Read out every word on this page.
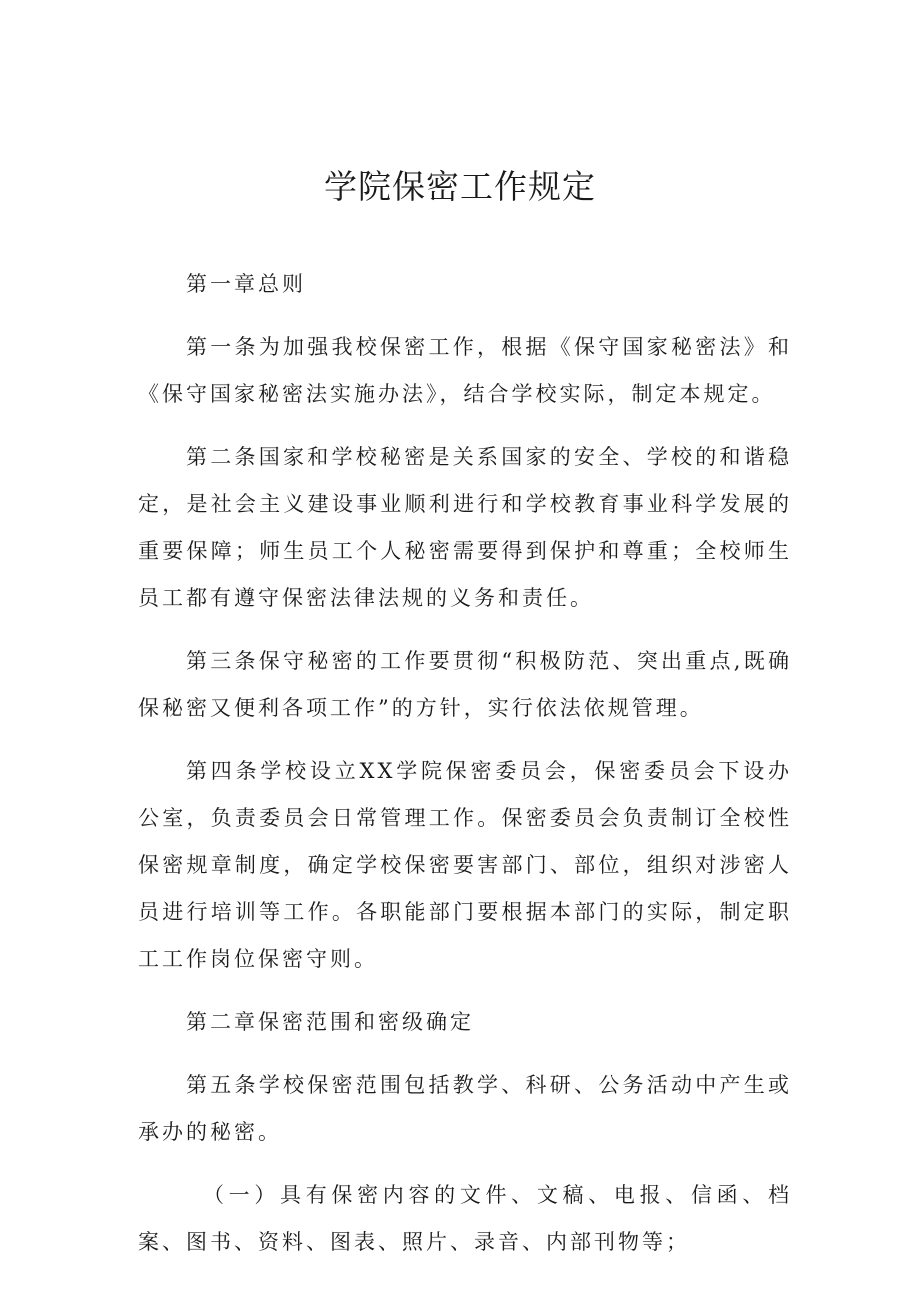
学院保密工作规定

第一章总则

第一条为加强我校保密工作，根据《保守国家秘密法》和《保守国家秘密法实施办法》，结合学校实际，制定本规定。

第二条国家和学校秘密是关系国家的安全、学校的和谐稳定，是社会主义建设事业顺利进行和学校教育事业科学发展的重要保障；师生员工个人秘密需要得到保护和尊重；全校师生员工都有遵守保密法律法规的义务和责任。

第三条保守秘密的工作要贯彻“积极防范、突出重点,既确保秘密又便利各项工作”的方针，实行依法依规管理。

第四条学校设立XX学院保密委员会，保密委员会下设办公室，负责委员会日常管理工作。保密委员会负责制订全校性保密规章制度，确定学校保密要害部门、部位，组织对涉密人员进行培训等工作。各职能部门要根据本部门的实际，制定职工工作岗位保密守则。

第二章保密范围和密级确定

第五条学校保密范围包括教学、科研、公务活动中产生或承办的秘密。

（一）具有保密内容的文件、文稿、电报、信函、档案、图书、资料、图表、照片、录音、内部刊物等；
